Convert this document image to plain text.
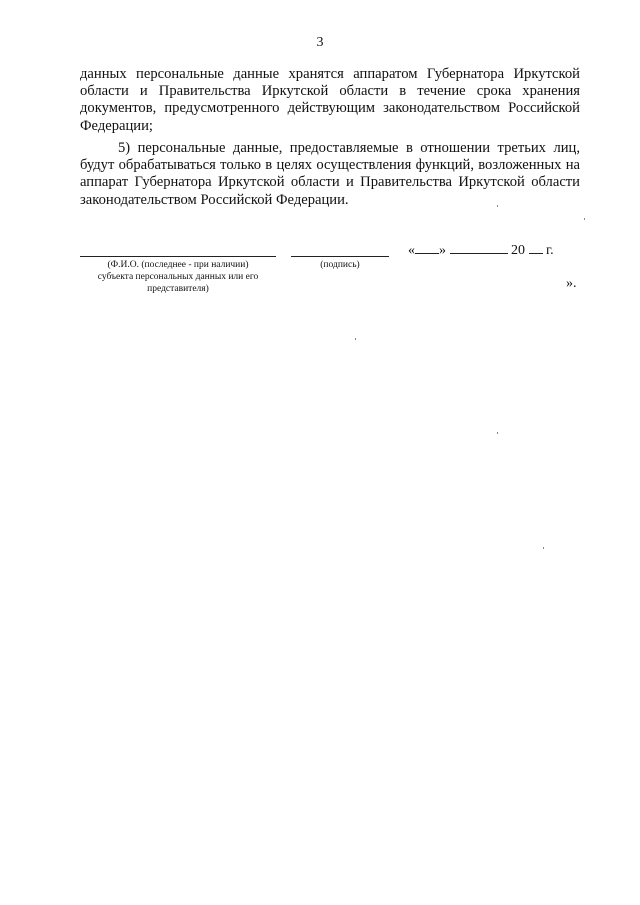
3

данных персональные данные хранятся аппаратом Губернатора Иркутской области и Правительства Иркутской области в течение срока хранения документов, предусмотренного действующим законодательством Российской Федерации;

5) персональные данные, предоставляемые в отношении третьих лиц, будут обрабатываться только в целях осуществления функций, возложенных на аппарат Губернатора Иркутской области и Правительства Иркутской области законодательством Российской Федерации.

(Ф.И.О. (последнее - при наличии)
субъекта персональных данных или его
представителя)
(подпись)
« »	20 г.
».
